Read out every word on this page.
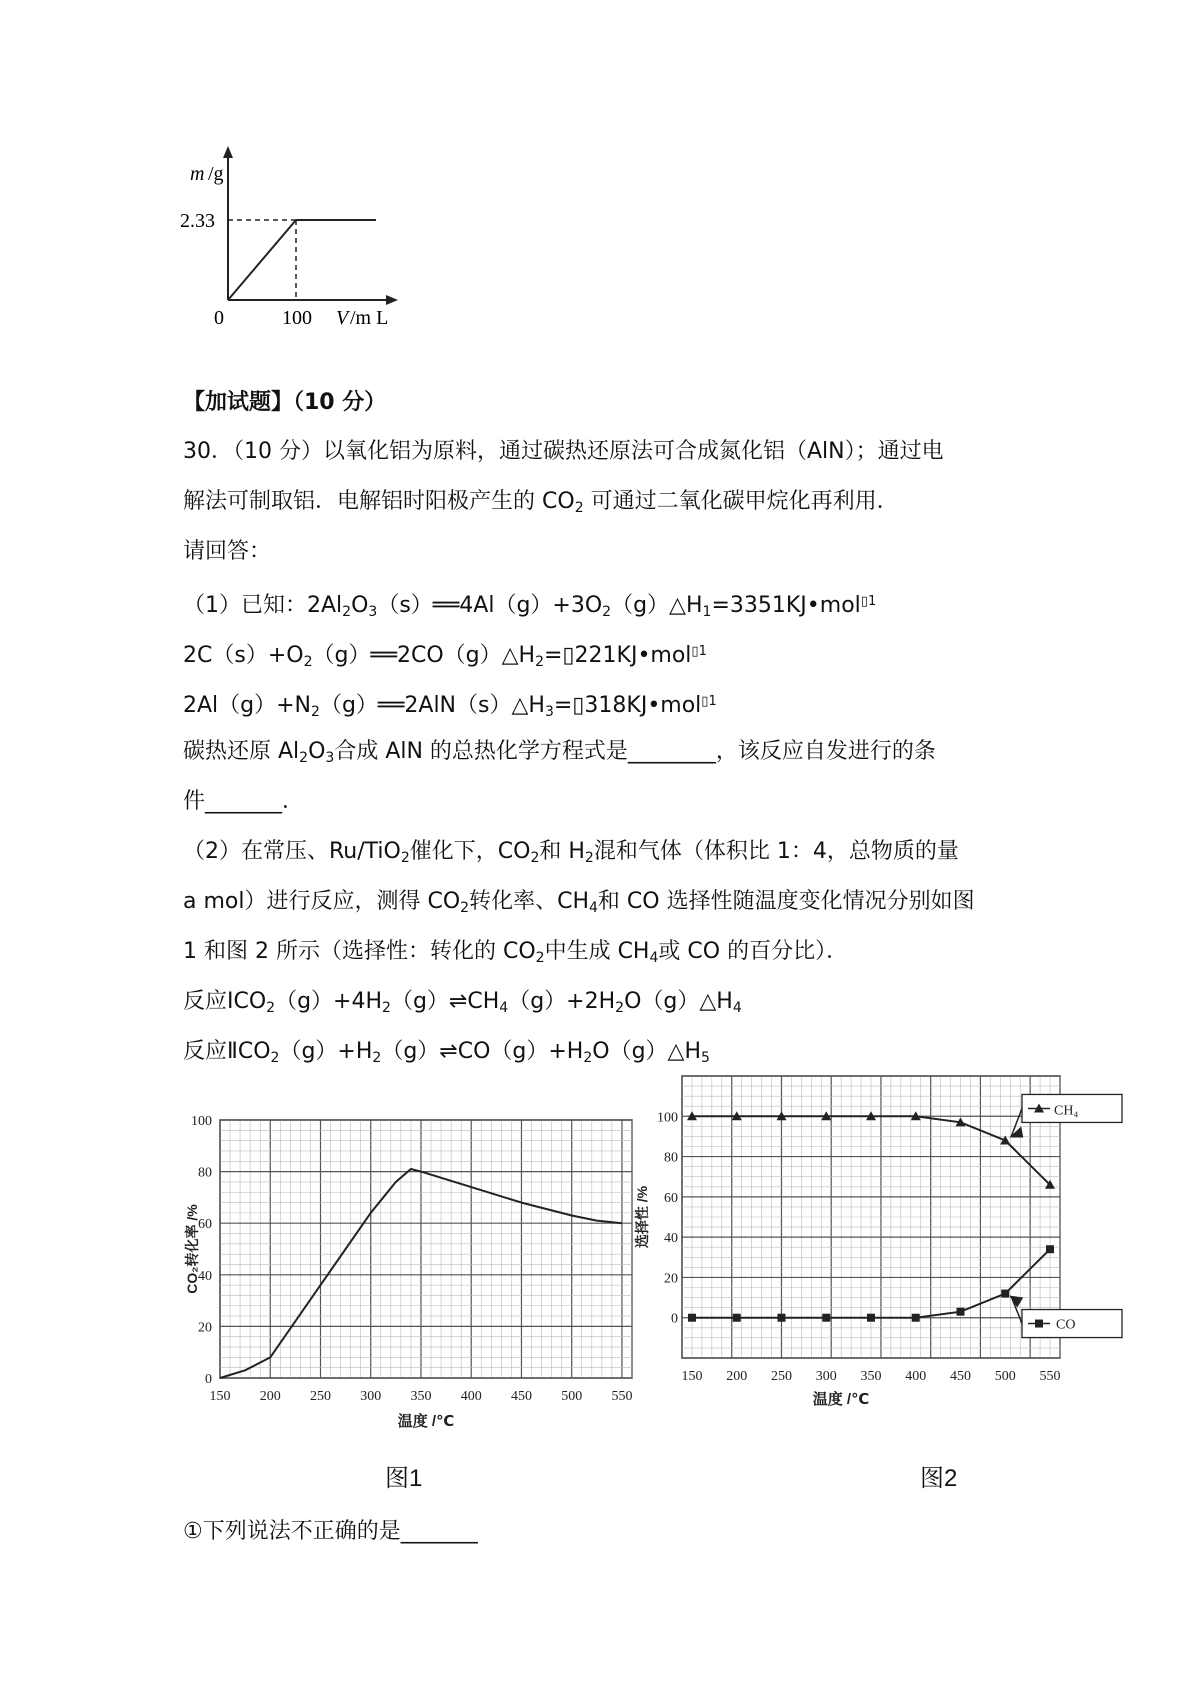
m /g
2.33
0	100 V /m L
【加试题】（10 分）
30．（10 分）以氧化铝为原料，通过碳热还原法可合成氮化铝（AlN）；通过电
解法可制取铝．电解铝时阳极产生的 $CO_2$ 可通过二氧化碳甲烷化再利用．
请回答：
（1）已知：$2Al_2O_3(s)══4Al(g)+3O_2(g)\triangle H_1=3351KJ•mol^{▯1}$
$2C(s)+O_2(g)══2CO(g)\triangle H_2=▯221KJ•mol^{▯1}$
$2Al(g)+N_2(g)══2AlN(s)\triangle H_3=▯318KJ•mol^{▯1}$
碳热还原 $Al_2O_3$合成 AlN 的总热化学方程式是________，该反应自发进行的条
件_______．
（2）在常压、Ru/TiO$_2$催化下，$CO_2$和 $H_2$混和气体（体积比 1：4，总物质的量
a mol）进行反应，测得 $CO_2$转化率、$CH_4$和 CO 选择性随温度变化情况分别如图
1 和图 2 所示（选择性：转化的 $CO_2$中生成 $CH_4$或 CO 的百分比）．
反应$ⅠCO_2(g)+4H_2(g)\rightleftharpoons CH_4(g)+2H_2O(g)\triangle H_4$
反应$ⅡCO_2(g)+H_2(g)\rightleftharpoons CO(g)+H_2O(g)\triangle H_5$
150 200 250 300 350 400 450 500 550
0
20
40
60
80
100
温度 /℃
CO₂转化率 /%
图1
150 200 250 300 350 400 450 500 550
0
20
40
60
80
100
温度 /℃
选择性 /%
CH₄
CO
图2
①下列说法不正确的是_______
